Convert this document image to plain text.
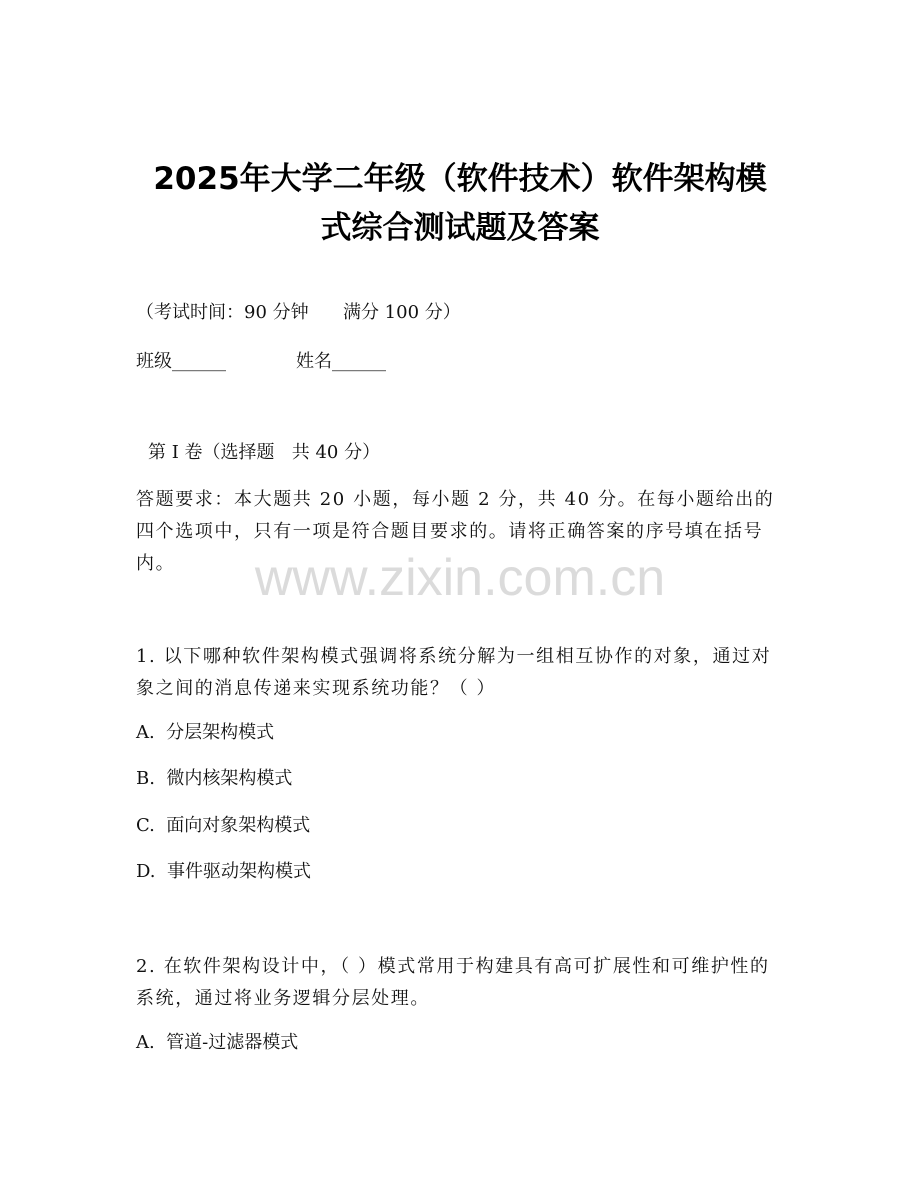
2025年大学二年级（软件技术）软件架构模
式综合测试题及答案
（考试时间：90 分钟      满分 100 分）
班级______	姓名______
第 I 卷（选择题   共 40 分）
答题要求：本大题共 20 小题，每小题 2 分，共 40 分。在每小题给出的四个选项中，只有一项是符合题目要求的。请将正确答案的序号填在括号内。	www.zixin.com.cn
1. 以下哪种软件架构模式强调将系统分解为一组相互协作的对象，通过对象之间的消息传递来实现系统功能？（ ）
A.  分层架构模式
B.  微内核架构模式
C.  面向对象架构模式
D.  事件驱动架构模式
2. 在软件架构设计中，（ ）模式常用于构建具有高可扩展性和可维护性的系统，通过将业务逻辑分层处理。
A.  管道-过滤器模式
